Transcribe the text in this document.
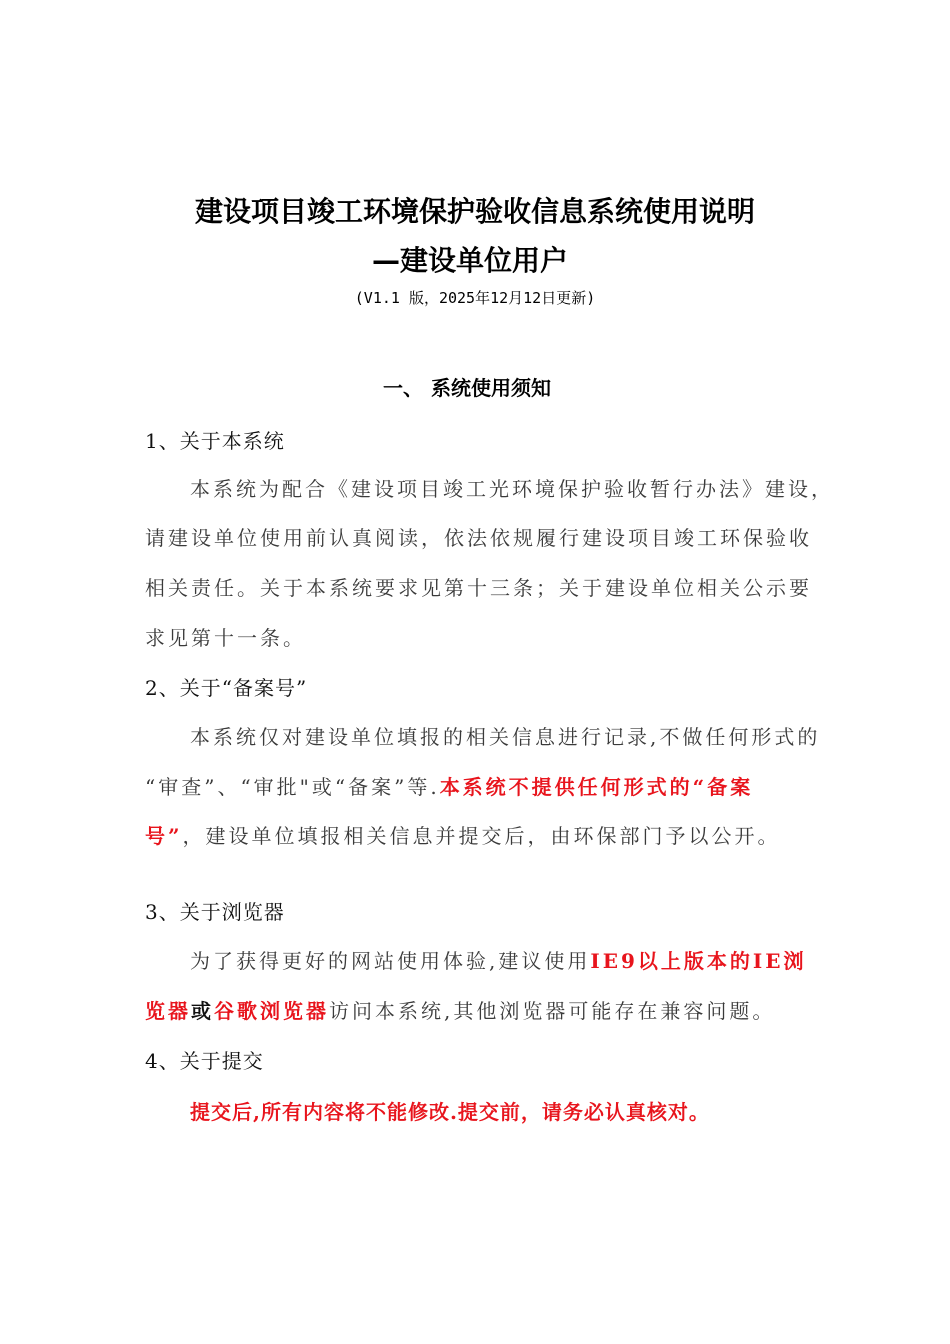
建设项目竣工环境保护验收信息系统使用说明
—建设单位用户
(V1.1 版，2025年12月12日更新)
一、 系统使用须知
1、关于本系统
本系统为配合《建设项目竣工光环境保护验收暂行办法》建设，
请建设单位使用前认真阅读，依法依规履行建设项目竣工环保验收
相关责任。关于本系统要求见第十三条；关于建设单位相关公示要
求见第十一条。
2、关于“备案号”
本系统仅对建设单位填报的相关信息进行记录,不做任何形式的
“审查”、“审批"或“备案”等.本系统不提供任何形式的“备案
号”，建设单位填报相关信息并提交后，由环保部门予以公开。
3、关于浏览器
为了获得更好的网站使用体验,建议使用IE9以上版本的IE浏
览器或谷歌浏览器访问本系统,其他浏览器可能存在兼容问题。
4、关于提交
提交后,所有内容将不能修改.提交前，请务必认真核对。
